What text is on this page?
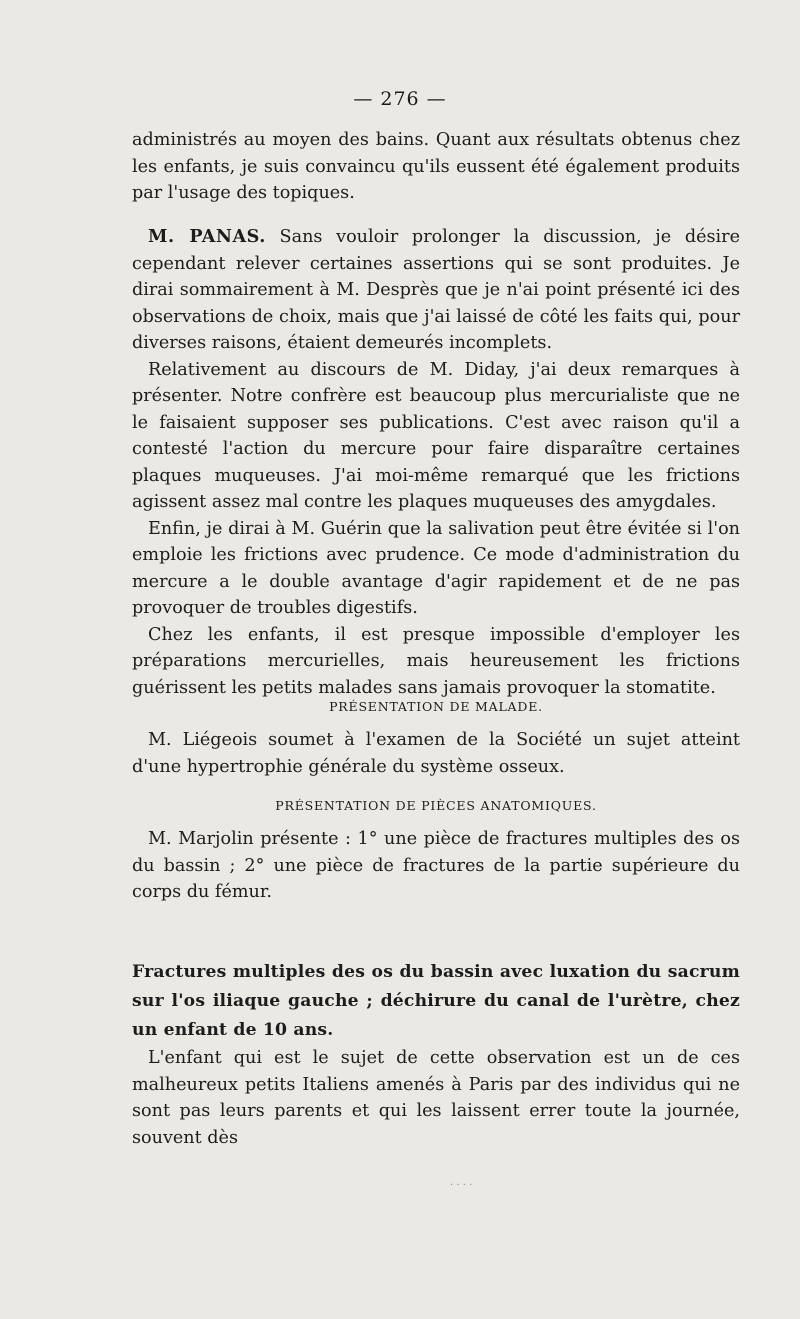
— 276 —

administrés au moyen des bains. Quant aux résultats obtenus chez les enfants, je suis convaincu qu'ils eussent été également produits par l'usage des topiques.

M. PANAS. Sans vouloir prolonger la discussion, je désire cependant relever certaines assertions qui se sont produites. Je dirai sommairement à M. Desprès que je n'ai point présenté ici des observations de choix, mais que j'ai laissé de côté les faits qui, pour diverses raisons, étaient demeurés incomplets.

Relativement au discours de M. Diday, j'ai deux remarques à présenter. Notre confrère est beaucoup plus mercurialiste que ne le faisaient supposer ses publications. C'est avec raison qu'il a contesté l'action du mercure pour faire disparaître certaines plaques muqueuses. J'ai moi-même remarqué que les frictions agissent assez mal contre les plaques muqueuses des amygdales.

Enfin, je dirai à M. Guérin que la salivation peut être évitée si l'on emploie les frictions avec prudence. Ce mode d'administration du mercure a le double avantage d'agir rapidement et de ne pas provoquer de troubles digestifs.

Chez les enfants, il est presque impossible d'employer les préparations mercurielles, mais heureusement les frictions guérissent les petits malades sans jamais provoquer la stomatite.

PRÉSENTATION DE MALADE.

M. Liégeois soumet à l'examen de la Société un sujet atteint d'une hypertrophie générale du système osseux.

PRÉSENTATION DE PIÈCES ANATOMIQUES.

M. Marjolin présente : 1° une pièce de fractures multiples des os du bassin ; 2° une pièce de fractures de la partie supérieure du corps du fémur.

Fractures multiples des os du bassin avec luxation du sacrum sur l'os iliaque gauche ; déchirure du canal de l'urètre, chez un enfant de 10 ans.

L'enfant qui est le sujet de cette observation est un de ces malheureux petits Italiens amenés à Paris par des individus qui ne sont pas leurs parents et qui les laissent errer toute la journée, souvent dès

· · · ·
